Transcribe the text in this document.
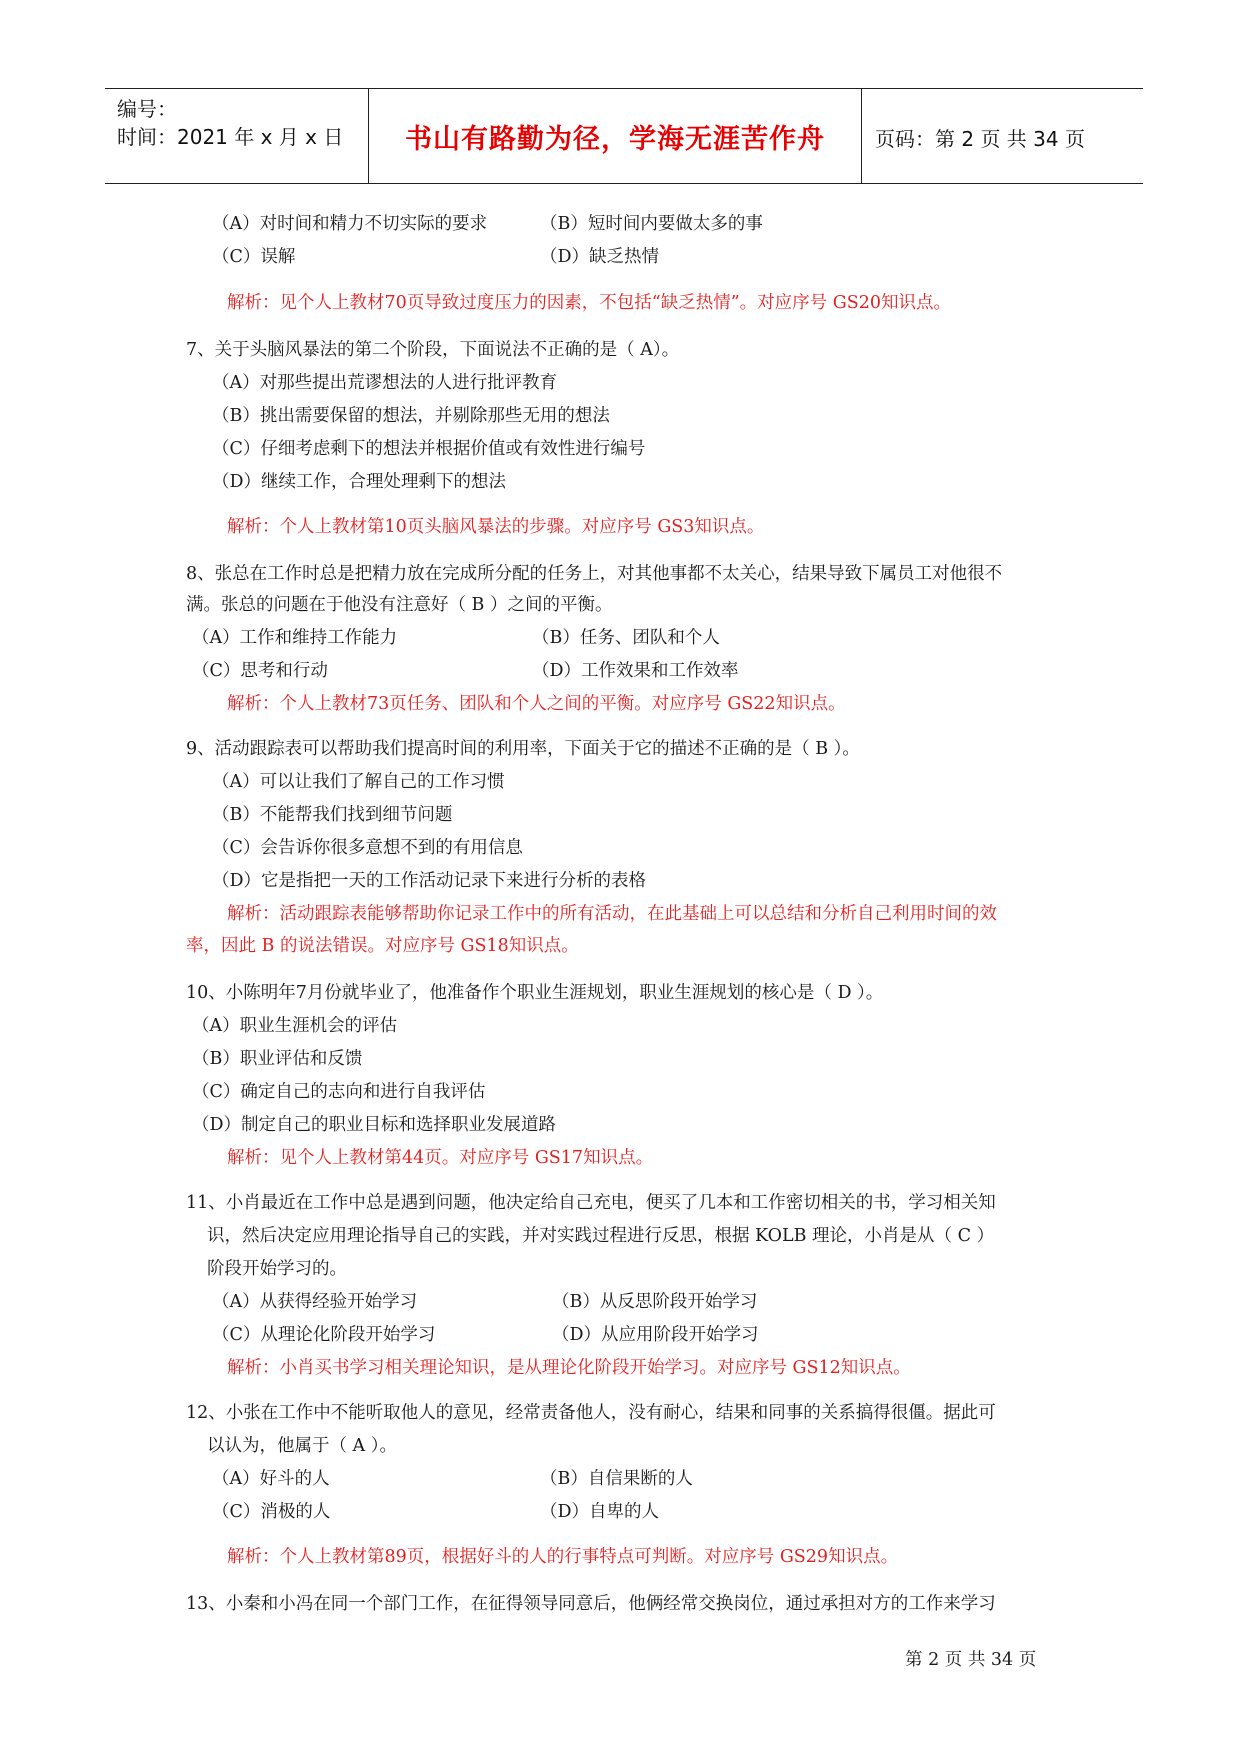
编号：
时间：2021 年 x 月 x 日	书山有路勤为径，学海无涯苦作舟	页码：第 2 页 共 34 页
（A）对时间和精力不切实际的要求	（B）短时间内要做太多的事
（C）误解	（D）缺乏热情
解析：见个人上教材70页导致过度压力的因素，不包括“缺乏热情”。对应序号 GS20知识点。
7、关于头脑风暴法的第二个阶段，下面说法不正确的是（ A）。
（A）对那些提出荒谬想法的人进行批评教育
（B）挑出需要保留的想法，并剔除那些无用的想法
（C）仔细考虑剩下的想法并根据价值或有效性进行编号
（D）继续工作，合理处理剩下的想法
解析：个人上教材第10页头脑风暴法的步骤。对应序号 GS3知识点。
8、张总在工作时总是把精力放在完成所分配的任务上，对其他事都不太关心，结果导致下属员工对他很不
满。张总的问题在于他没有注意好（ B ）之间的平衡。
（A）工作和维持工作能力	（B）任务、团队和个人
（C）思考和行动	（D）工作效果和工作效率
解析：个人上教材73页任务、团队和个人之间的平衡。对应序号 GS22知识点。
9、活动跟踪表可以帮助我们提高时间的利用率，下面关于它的描述不正确的是（ B ）。
（A）可以让我们了解自己的工作习惯
（B）不能帮我们找到细节问题
（C）会告诉你很多意想不到的有用信息
（D）它是指把一天的工作活动记录下来进行分析的表格
解析：活动跟踪表能够帮助你记录工作中的所有活动，在此基础上可以总结和分析自己利用时间的效
率，因此 B 的说法错误。对应序号 GS18知识点。
10、小陈明年7月份就毕业了，他准备作个职业生涯规划，职业生涯规划的核心是（ D ）。
（A）职业生涯机会的评估
（B）职业评估和反馈
（C）确定自己的志向和进行自我评估
（D）制定自己的职业目标和选择职业发展道路
解析：见个人上教材第44页。对应序号 GS17知识点。
11、小肖最近在工作中总是遇到问题，他决定给自己充电，便买了几本和工作密切相关的书，学习相关知
识，然后决定应用理论指导自己的实践，并对实践过程进行反思，根据 KOLB 理论，小肖是从（ C ）
阶段开始学习的。
（A）从获得经验开始学习	（B）从反思阶段开始学习
（C）从理论化阶段开始学习	（D）从应用阶段开始学习
解析：小肖买书学习相关理论知识，是从理论化阶段开始学习。对应序号 GS12知识点。
12、小张在工作中不能听取他人的意见，经常责备他人，没有耐心，结果和同事的关系搞得很僵。据此可
以认为，他属于（ A ）。
（A）好斗的人	（B）自信果断的人
（C）消极的人	（D）自卑的人
解析：个人上教材第89页，根据好斗的人的行事特点可判断。对应序号 GS29知识点。
13、小秦和小冯在同一个部门工作，在征得领导同意后，他俩经常交换岗位，通过承担对方的工作来学习
第 2 页 共 34 页
